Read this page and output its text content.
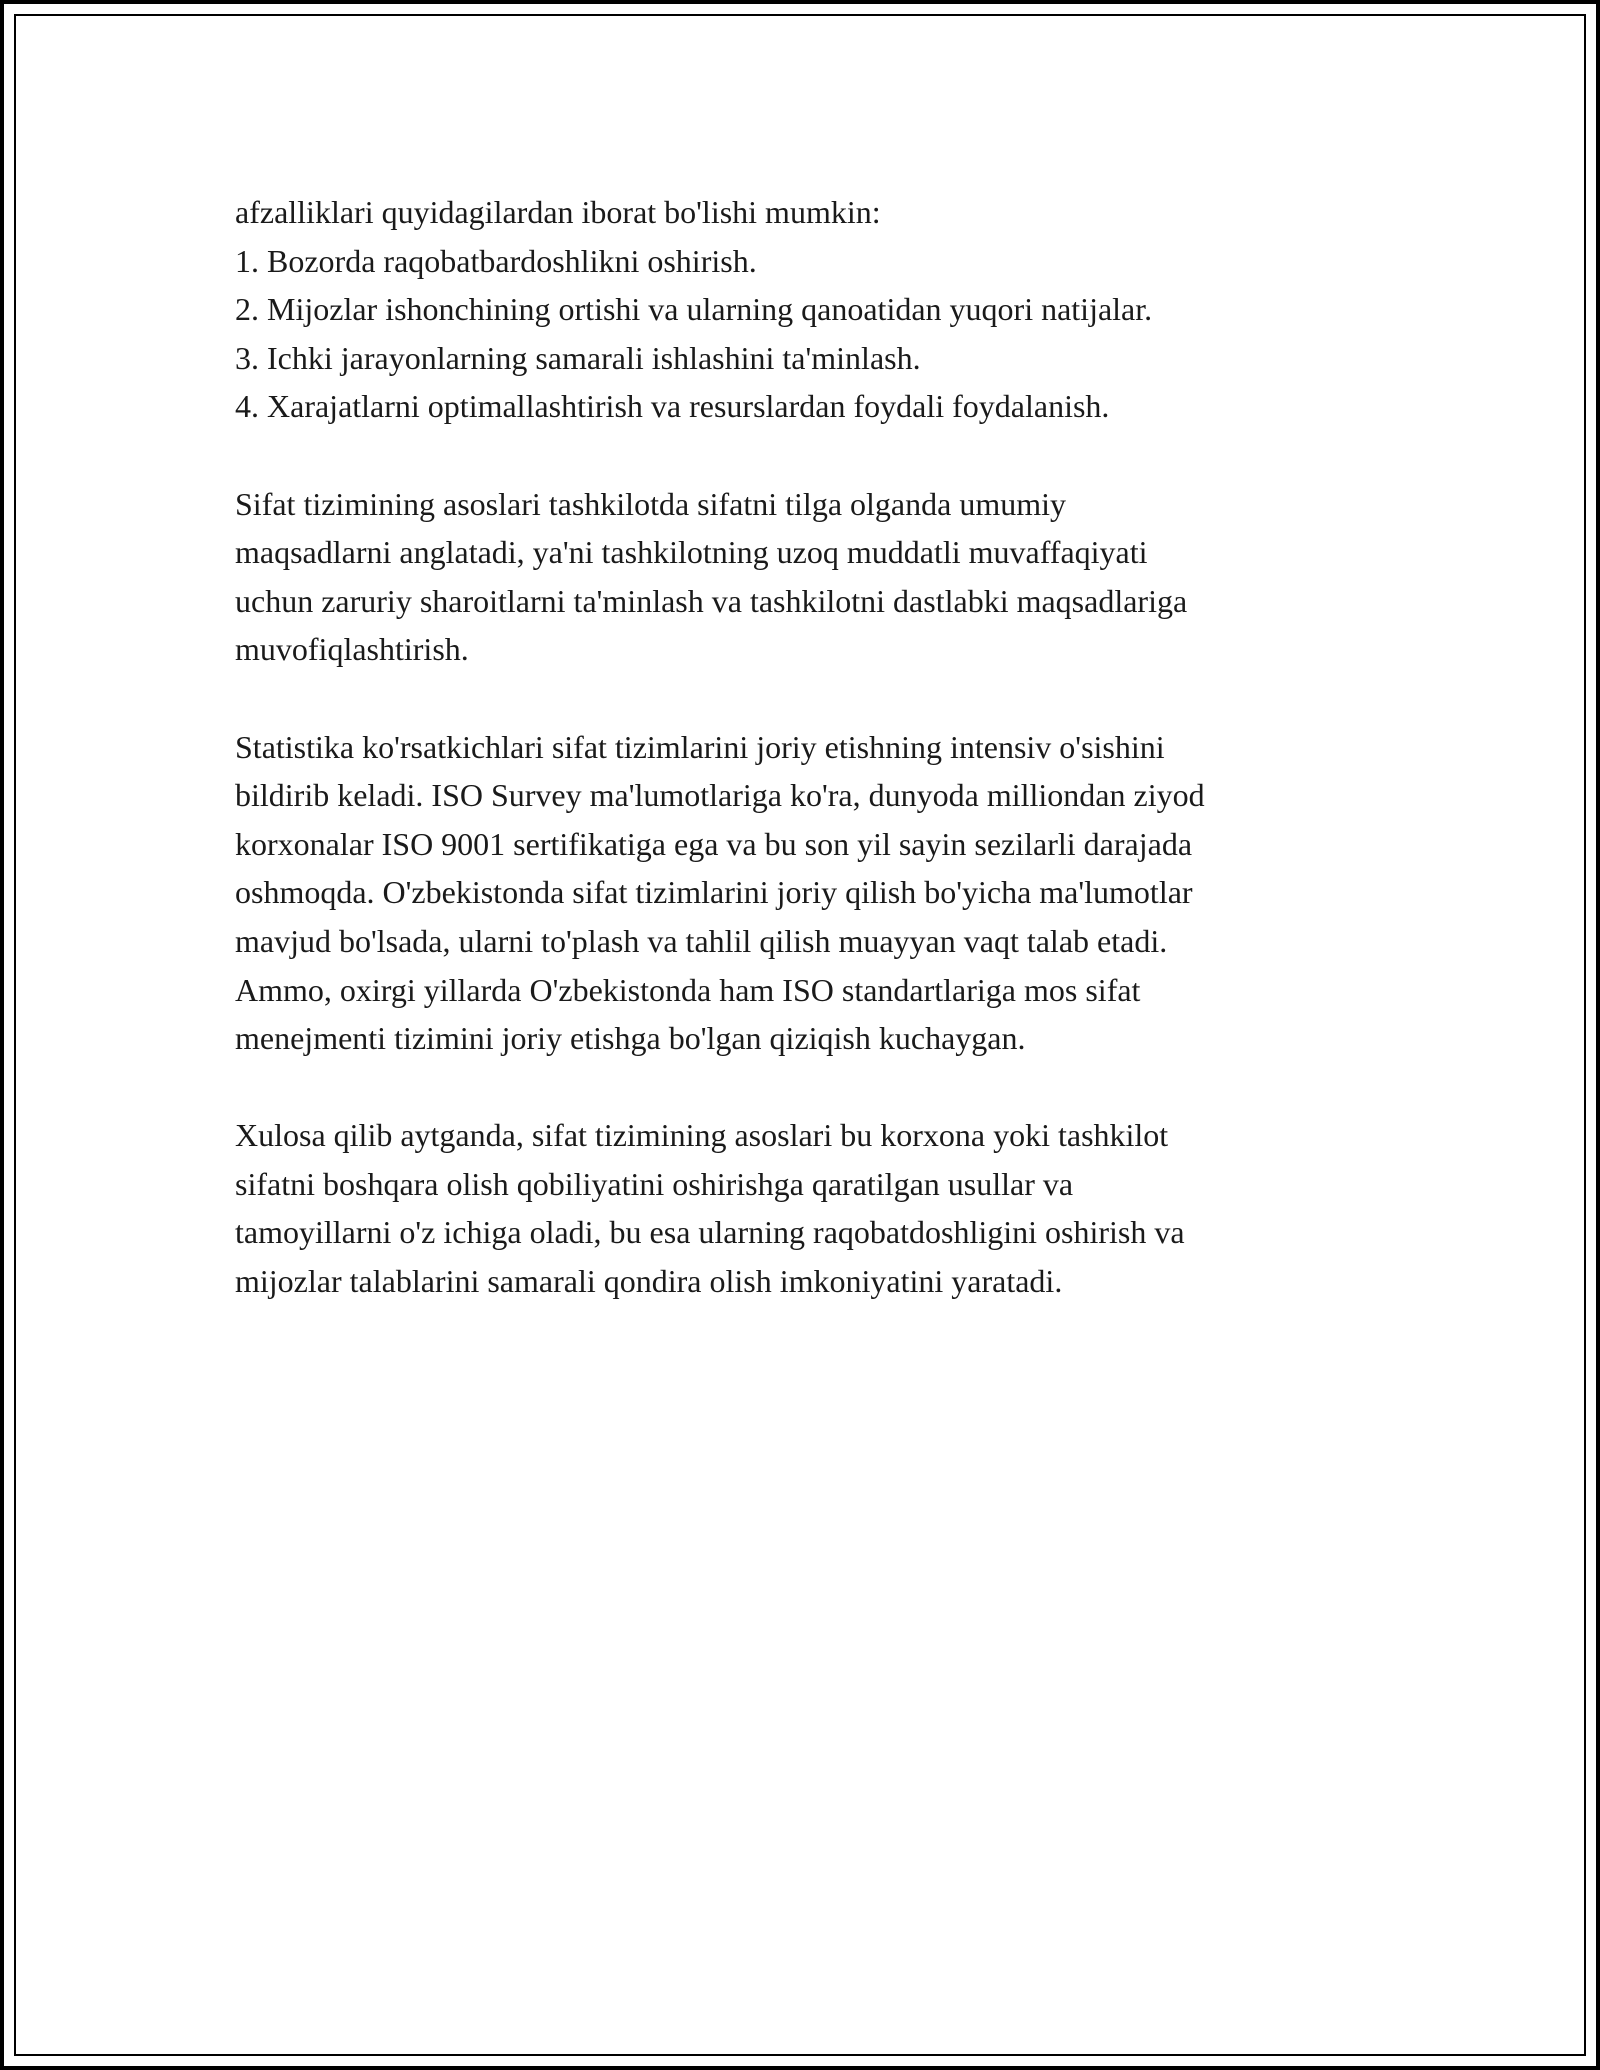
afzalliklari quyidagilardan iborat bo'lishi mumkin:
1. Bozorda raqobatbardoshlikni oshirish.
2. Mijozlar ishonchining ortishi va ularning qanoatidan yuqori natijalar.
3. Ichki jarayonlarning samarali ishlashini ta'minlash.
4. Xarajatlarni optimallashtirish va resurslardan foydali foydalanish.
Sifat tizimining asoslari tashkilotda sifatni tilga olganda umumiy
maqsadlarni anglatadi, ya'ni tashkilotning uzoq muddatli muvaffaqiyati
uchun zaruriy sharoitlarni ta'minlash va tashkilotni dastlabki maqsadlariga
muvofiqlashtirish.
Statistika ko'rsatkichlari sifat tizimlarini joriy etishning intensiv o'sishini
bildirib keladi. ISO Survey ma'lumotlariga ko'ra, dunyoda milliondan ziyod
korxonalar ISO 9001 sertifikatiga ega va bu son yil sayin sezilarli darajada
oshmoqda. O'zbekistonda sifat tizimlarini joriy qilish bo'yicha ma'lumotlar
mavjud bo'lsada, ularni to'plash va tahlil qilish muayyan vaqt talab etadi.
Ammo, oxirgi yillarda O'zbekistonda ham ISO standartlariga mos sifat
menejmenti tizimini joriy etishga bo'lgan qiziqish kuchaygan.
Xulosa qilib aytganda, sifat tizimining asoslari bu korxona yoki tashkilot
sifatni boshqara olish qobiliyatini oshirishga qaratilgan usullar va
tamoyillarni o'z ichiga oladi, bu esa ularning raqobatdoshligini oshirish va
mijozlar talablarini samarali qondira olish imkoniyatini yaratadi.
